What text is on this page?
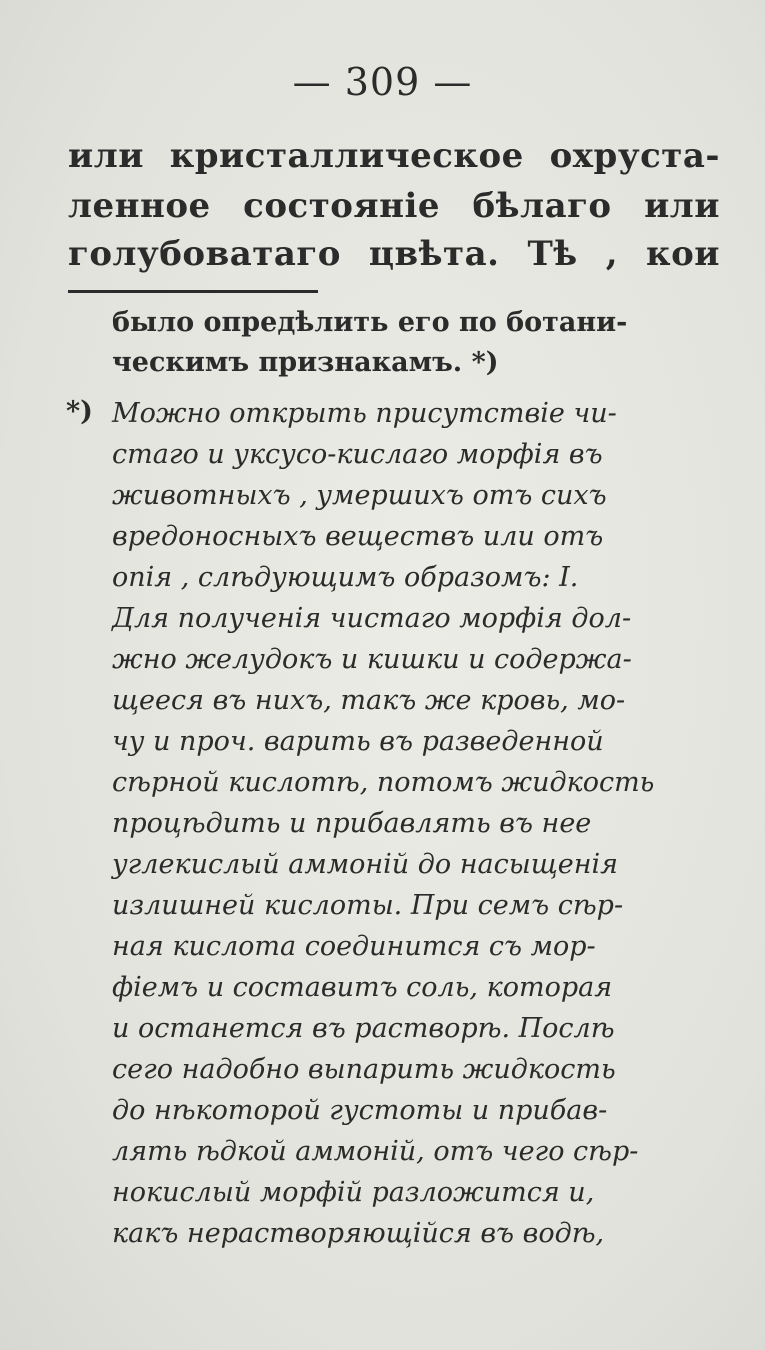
— 309 —
или кристаллическое охруста-
ленное состояніе бѣлаго или
голубоватаго цвѣта. Тѣ , кои
было опредѣлить его по ботани-
ческимъ признакамъ. *)
*) Можно открыть присутствіе чи-
стаго и уксусо-кислаго морфія въ
животныхъ , умершихъ отъ сихъ
вредоносныхъ веществъ или отъ
опія , слѣдующимъ образомъ: I.
Для полученія чистаго морфія дол-
жно желудокъ и кишки и содержа-
щееся въ нихъ, такъ же кровь, мо-
чу и проч. варить въ разведенной
сѣрной кислотѣ, потомъ жидкость
процѣдить и прибавлять въ нее
углекислый аммоній до насыщенія
излишней кислоты. При семъ сѣр-
ная кислота соединится съ мор-
фіемъ и составитъ соль, которая
и останется въ растворѣ. Послѣ
сего надобно выпарить жидкость
до нѣкоторой густоты и прибав-
лять ѣдкой аммоній, отъ чего сѣр-
нокислый морфій разложится и,
какъ нерастворяющійся въ водѣ,
